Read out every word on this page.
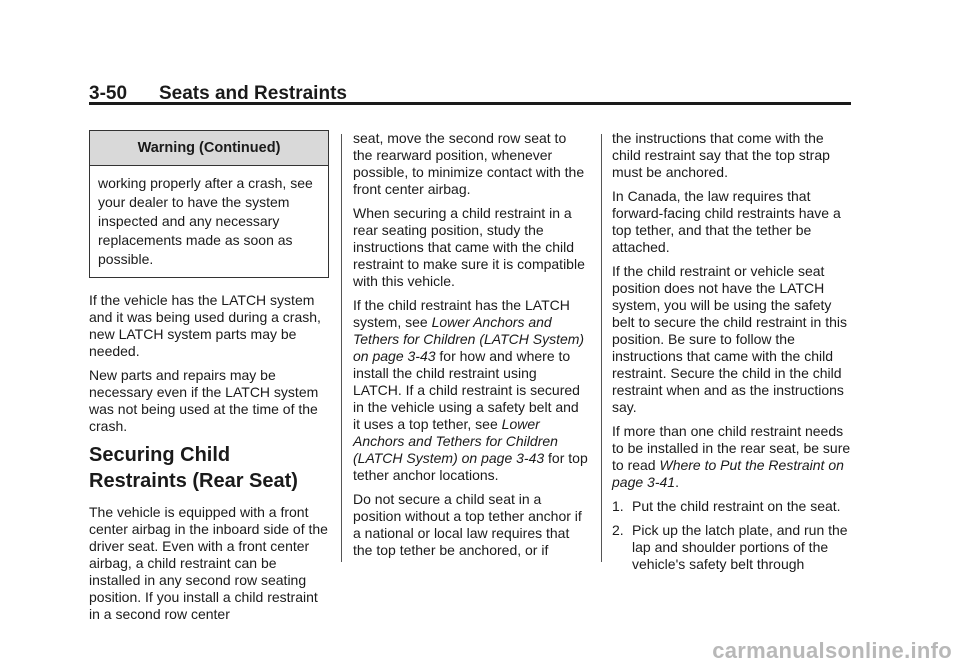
3-50 Seats and Restraints
Warning (Continued)

working properly after a crash, see your dealer to have the system inspected and any necessary replacements made as soon as possible.

If the vehicle has the LATCH system and it was being used during a crash, new LATCH system parts may be needed.

New parts and repairs may be necessary even if the LATCH system was not being used at the time of the crash.

Securing Child Restraints (Rear Seat)

The vehicle is equipped with a front center airbag in the inboard side of the driver seat. Even with a front center airbag, a child restraint can be installed in any second row seating position. If you install a child restraint in a second row center

seat, move the second row seat to the rearward position, whenever possible, to minimize contact with the front center airbag.

When securing a child restraint in a rear seating position, study the instructions that came with the child restraint to make sure it is compatible with this vehicle.

If the child restraint has the LATCH system, see Lower Anchors and Tethers for Children (LATCH System) on page 3-43 for how and where to install the child restraint using LATCH. If a child restraint is secured in the vehicle using a safety belt and it uses a top tether, see Lower Anchors and Tethers for Children (LATCH System) on page 3-43 for top tether anchor locations.

Do not secure a child seat in a position without a top tether anchor if a national or local law requires that the top tether be anchored, or if

the instructions that come with the child restraint say that the top strap must be anchored.

In Canada, the law requires that forward-facing child restraints have a top tether, and that the tether be attached.

If the child restraint or vehicle seat position does not have the LATCH system, you will be using the safety belt to secure the child restraint in this position. Be sure to follow the instructions that came with the child restraint. Secure the child in the child restraint when and as the instructions say.

If more than one child restraint needs to be installed in the rear seat, be sure to read Where to Put the Restraint on page 3-41.

1. Put the child restraint on the seat.
2. Pick up the latch plate, and run the lap and shoulder portions of the vehicle's safety belt through
carmanualsonline.info
